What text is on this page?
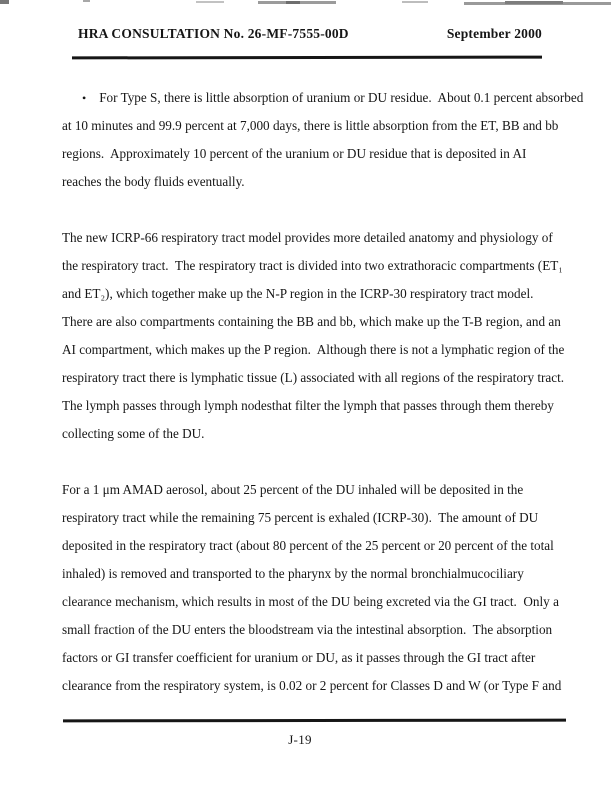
HRA CONSULTATION No. 26-MF-7555-00D	September 2000
• For Type S, there is little absorption of uranium or DU residue.  About 0.1 percent absorbed
at 10 minutes and 99.9 percent at 7,000 days, there is little absorption from the ET, BB and bb
regions.  Approximately 10 percent of the uranium or DU residue that is deposited in AI
reaches the body fluids eventually.
The new ICRP-66 respiratory tract model provides more detailed anatomy and physiology of
the respiratory tract.  The respiratory tract is divided into two extrathoracic compartments (ET₁
and ET₂), which together make up the N-P region in the ICRP-30 respiratory tract model.
There are also compartments containing the BB and bb, which make up the T-B region, and an
AI compartment, which makes up the P region.  Although there is not a lymphatic region of the
respiratory tract there is lymphatic tissue (L) associated with all regions of the respiratory tract.
The lymph passes through lymph nodesthat filter the lymph that passes through them thereby
collecting some of the DU.
For a 1 μm AMAD aerosol, about 25 percent of the DU inhaled will be deposited in the
respiratory tract while the remaining 75 percent is exhaled (ICRP-30).  The amount of DU
deposited in the respiratory tract (about 80 percent of the 25 percent or 20 percent of the total
inhaled) is removed and transported to the pharynx by the normal bronchialmucociliary
clearance mechanism, which results in most of the DU being excreted via the GI tract.  Only a
small fraction of the DU enters the bloodstream via the intestinal absorption.  The absorption
factors or GI transfer coefficient for uranium or DU, as it passes through the GI tract after
clearance from the respiratory system, is 0.02 or 2 percent for Classes D and W (or Type F and
J-19
